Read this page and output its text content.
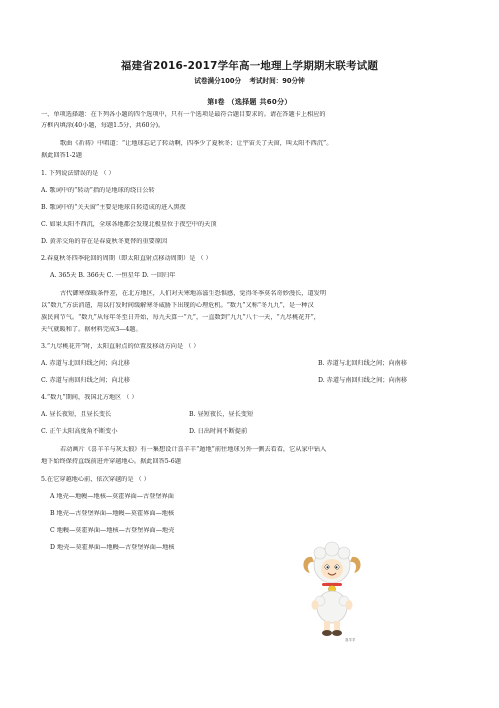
福建省2016-2017学年高一地理上学期期末联考试题
试卷满分100分 考试时间：90分钟
第Ⅰ卷 （选择题 共60分）
一、单项选择题：在下列各小题的四个选项中，只有一个选项是最符合题目要求的。请在答题卡上相应的
方框内填涂(40小题，每题1.5分，共60分)。
歌曲《祈祷》中唱道：“让地球忘记了转动啊，四季少了夏秋冬；让宇宙关了天窗，叫太阳不西沉”。
据此回答1-2题
1. 下列说法错误的是 （ ）
A. 歌词中的“转动”指的是地球的绕日公转
B. 歌词中的“关天窗”主要是地球自转造成的进入黑夜
C. 如果太阳不西沉，全球各地都会发现北极星位于夜空中的天顶
D. 黄赤交角的存在是春夏秋冬更替的重要原因
2.春夏秋冬四季轮回的周期（即太阳直射点移动周期）是 （ ）
A. 365天 B. 366天 C. 一恒星年 D. 一回归年
古代御寒保暖条件差，在北方地区，人们对天寒地冻滋生恐惧感，觉得冬季莫名奇妙漫长，道发明
以“数九”方法消遣，用以打发时间缓解寒冬威胁下出现的心理危机。“数九”又称“冬九九”，是一种汉
族民间节气。“数九”从每年冬至日开始，每九天算一“九”，一直数到“九九”八十一天，“九尽桃花开”，
天气就暖和了。据材料完成3—4题。
3.“九尽桃花开”时，太阳直射点的位置及移动方向是 （ ）
A. 赤道与北回归线之间；向北移	B. 赤道与北回归线之间；向南移
C. 赤道与南回归线之间；向北移	D. 赤道与南回归线之间；向南移
4.“数九”期间，我国北方地区 （ ）
A. 昼长夜短，且昼长变长	B. 昼短夜长，昼长变短
C. 正午太阳高度角不断变小	D. 日出时间不断提前
若动画片《喜羊羊与灰太狼》有一集想设计喜羊羊“遁地”前往地球另外一侧去看看，它从家中钻入
地下始终保持直线前进并穿越地心。据此回答5-6题
5.在它穿越地心前，依次穿越的是 （ ）
A 地壳—地幔—地核—莫霍界面—古登堡界面
B 地壳—古登堡界面—地幔—莫霍界面—地核
C 地幔—莫霍界面—地核—古登堡界面—地壳
D 地壳—莫霍界面—地幔—古登堡界面—地核
喜羊羊
